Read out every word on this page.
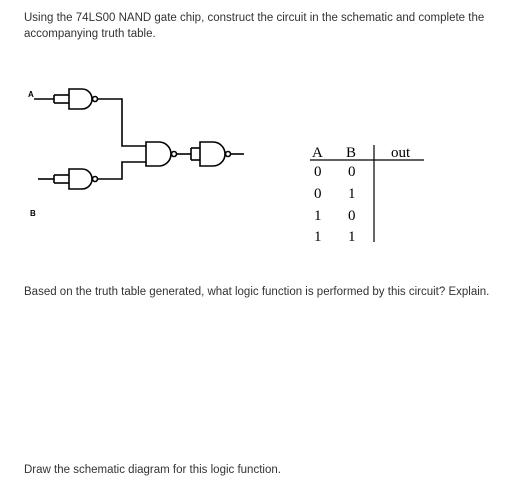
Using the 74LS00 NAND gate chip, construct the circuit in the schematic and complete the accompanying truth table.

A
B
A B out
0 0
0 1
1 0
1 1

Based on the truth table generated, what logic function is performed by this circuit? Explain.

Draw the schematic diagram for this logic function.
